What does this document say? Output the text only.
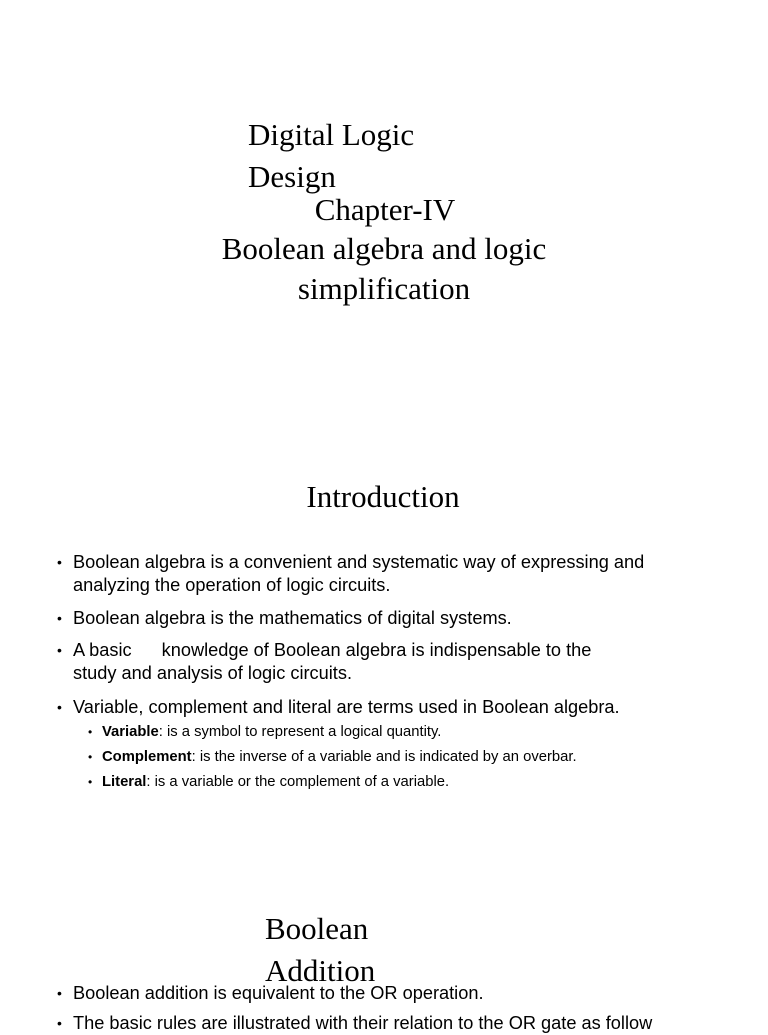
Digital Logic
Design

Chapter-IV

Boolean algebra and logic
simplification

Introduction
• Boolean algebra is a convenient and systematic way of expressing and
analyzing the operation of logic circuits.
• Boolean algebra is the mathematics of digital systems.
• A basic knowledge of Boolean algebra is indispensable to the
study and analysis of logic circuits.
• Variable, complement and literal are terms used in Boolean algebra.
• Variable: is a symbol to represent a logical quantity.
• Complement: is the inverse of a variable and is indicated by an overbar.
• Literal: is a variable or the complement of a variable.
Boolean
Addition
• Boolean addition is equivalent to the OR operation.
• The basic rules are illustrated with their relation to the OR gate as follow
